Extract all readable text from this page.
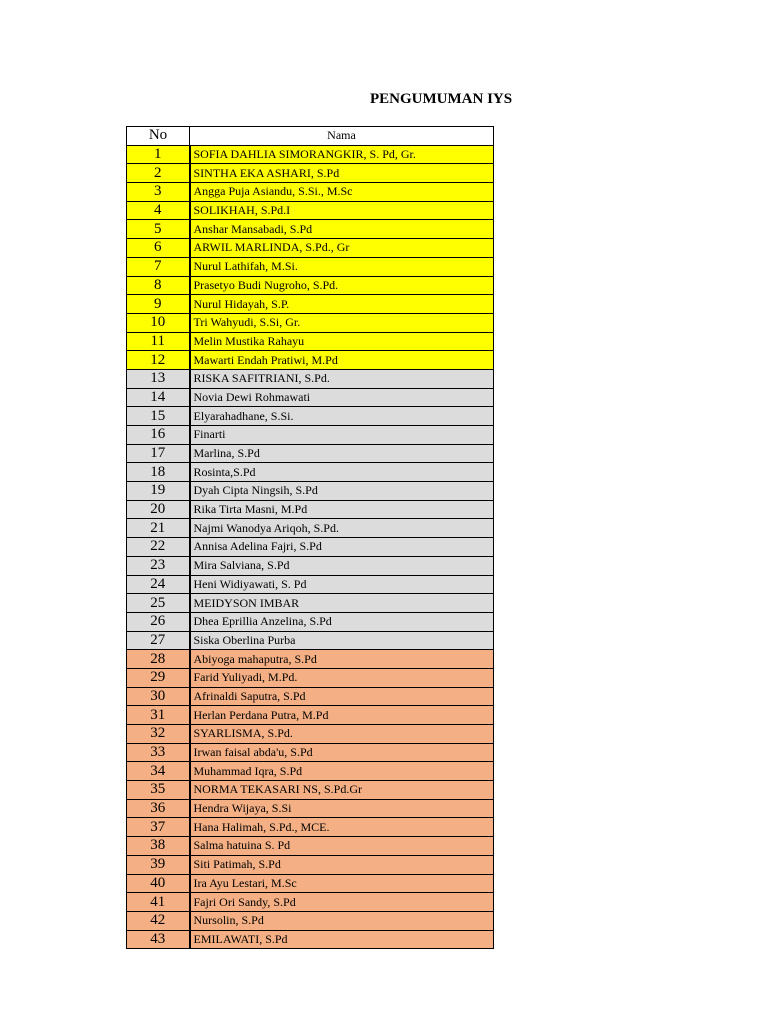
PENGUMUMAN IYS
No	Nama
1	SOFIA DAHLIA SIMORANGKIR, S. Pd, Gr.
2	SINTHA EKA ASHARI, S.Pd
3	Angga Puja Asiandu, S.Si., M.Sc
4	SOLIKHAH, S.Pd.I
5	Anshar Mansabadi, S.Pd
6	ARWIL MARLINDA, S.Pd., Gr
7	Nurul Lathifah, M.Si.
8	Prasetyo Budi Nugroho, S.Pd.
9	Nurul Hidayah, S.P.
10	Tri Wahyudi, S.Si, Gr.
11	Melin Mustika Rahayu
12	Mawarti Endah Pratiwi, M.Pd
13	RISKA SAFITRIANI, S.Pd.
14	Novia Dewi Rohmawati
15	Elyarahadhane, S.Si.
16	Finarti
17	Marlina, S.Pd
18	Rosinta,S.Pd
19	Dyah Cipta Ningsih, S.Pd
20	Rika Tirta Masni, M.Pd
21	Najmi Wanodya Ariqoh, S.Pd.
22	Annisa Adelina Fajri, S.Pd
23	Mira Salviana, S.Pd
24	Heni Widiyawati, S. Pd
25	MEIDYSON IMBAR
26	Dhea Eprillia Anzelina, S.Pd
27	Siska Oberlina Purba
28	Abiyoga mahaputra, S.Pd
29	Farid Yuliyadi, M.Pd.
30	Afrinaldi Saputra, S.Pd
31	Herlan Perdana Putra, M.Pd
32	SYARLISMA, S.Pd.
33	Irwan faisal abda'u, S.Pd
34	Muhammad Iqra, S.Pd
35	NORMA TEKASARI NS, S.Pd.Gr
36	Hendra Wijaya, S.Si
37	Hana Halimah, S.Pd., MCE.
38	Salma hatuina S. Pd
39	Siti Patimah, S.Pd
40	Ira Ayu Lestari, M.Sc
41	Fajri Ori Sandy, S.Pd
42	Nursolin, S.Pd
43	EMILAWATI, S.Pd
